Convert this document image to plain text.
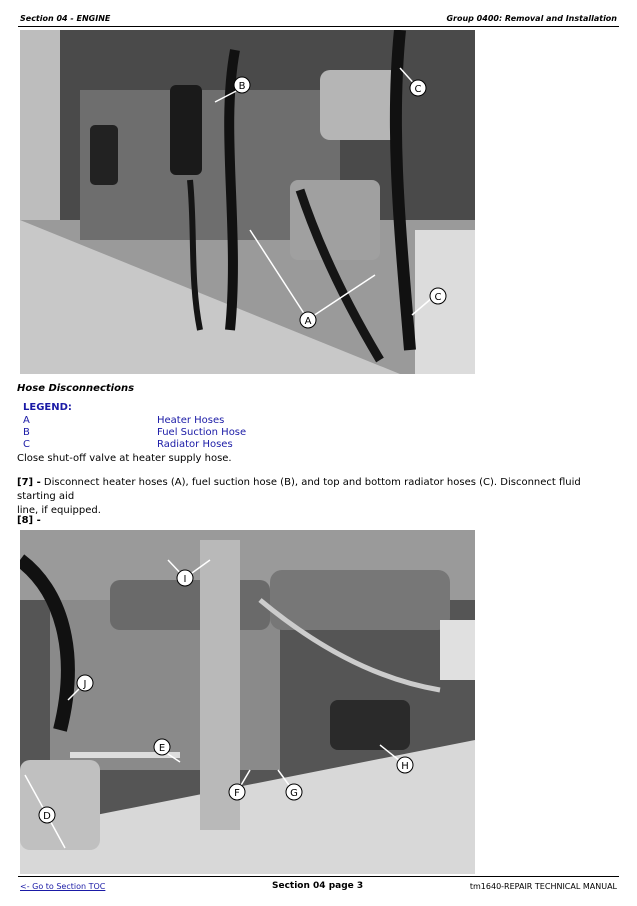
Section 04 - ENGINE	Group 0400: Removal and Installation
B	C
A
C
Hose Disconnections
LEGEND:
A	Heater Hoses
B	Fuel Suction Hose
C	Radiator Hoses
Close shut-off valve at heater supply hose.
[7] - Disconnect heater hoses (A), fuel suction hose (B), and top and bottom radiator hoses (C). Disconnect fluid starting aid
line, if equipped.
[8] -
I
J
E
F	G
H
D
<- Go to Section TOC	Section 04 page 3	tm1640-REPAIR TECHNICAL MANUAL
